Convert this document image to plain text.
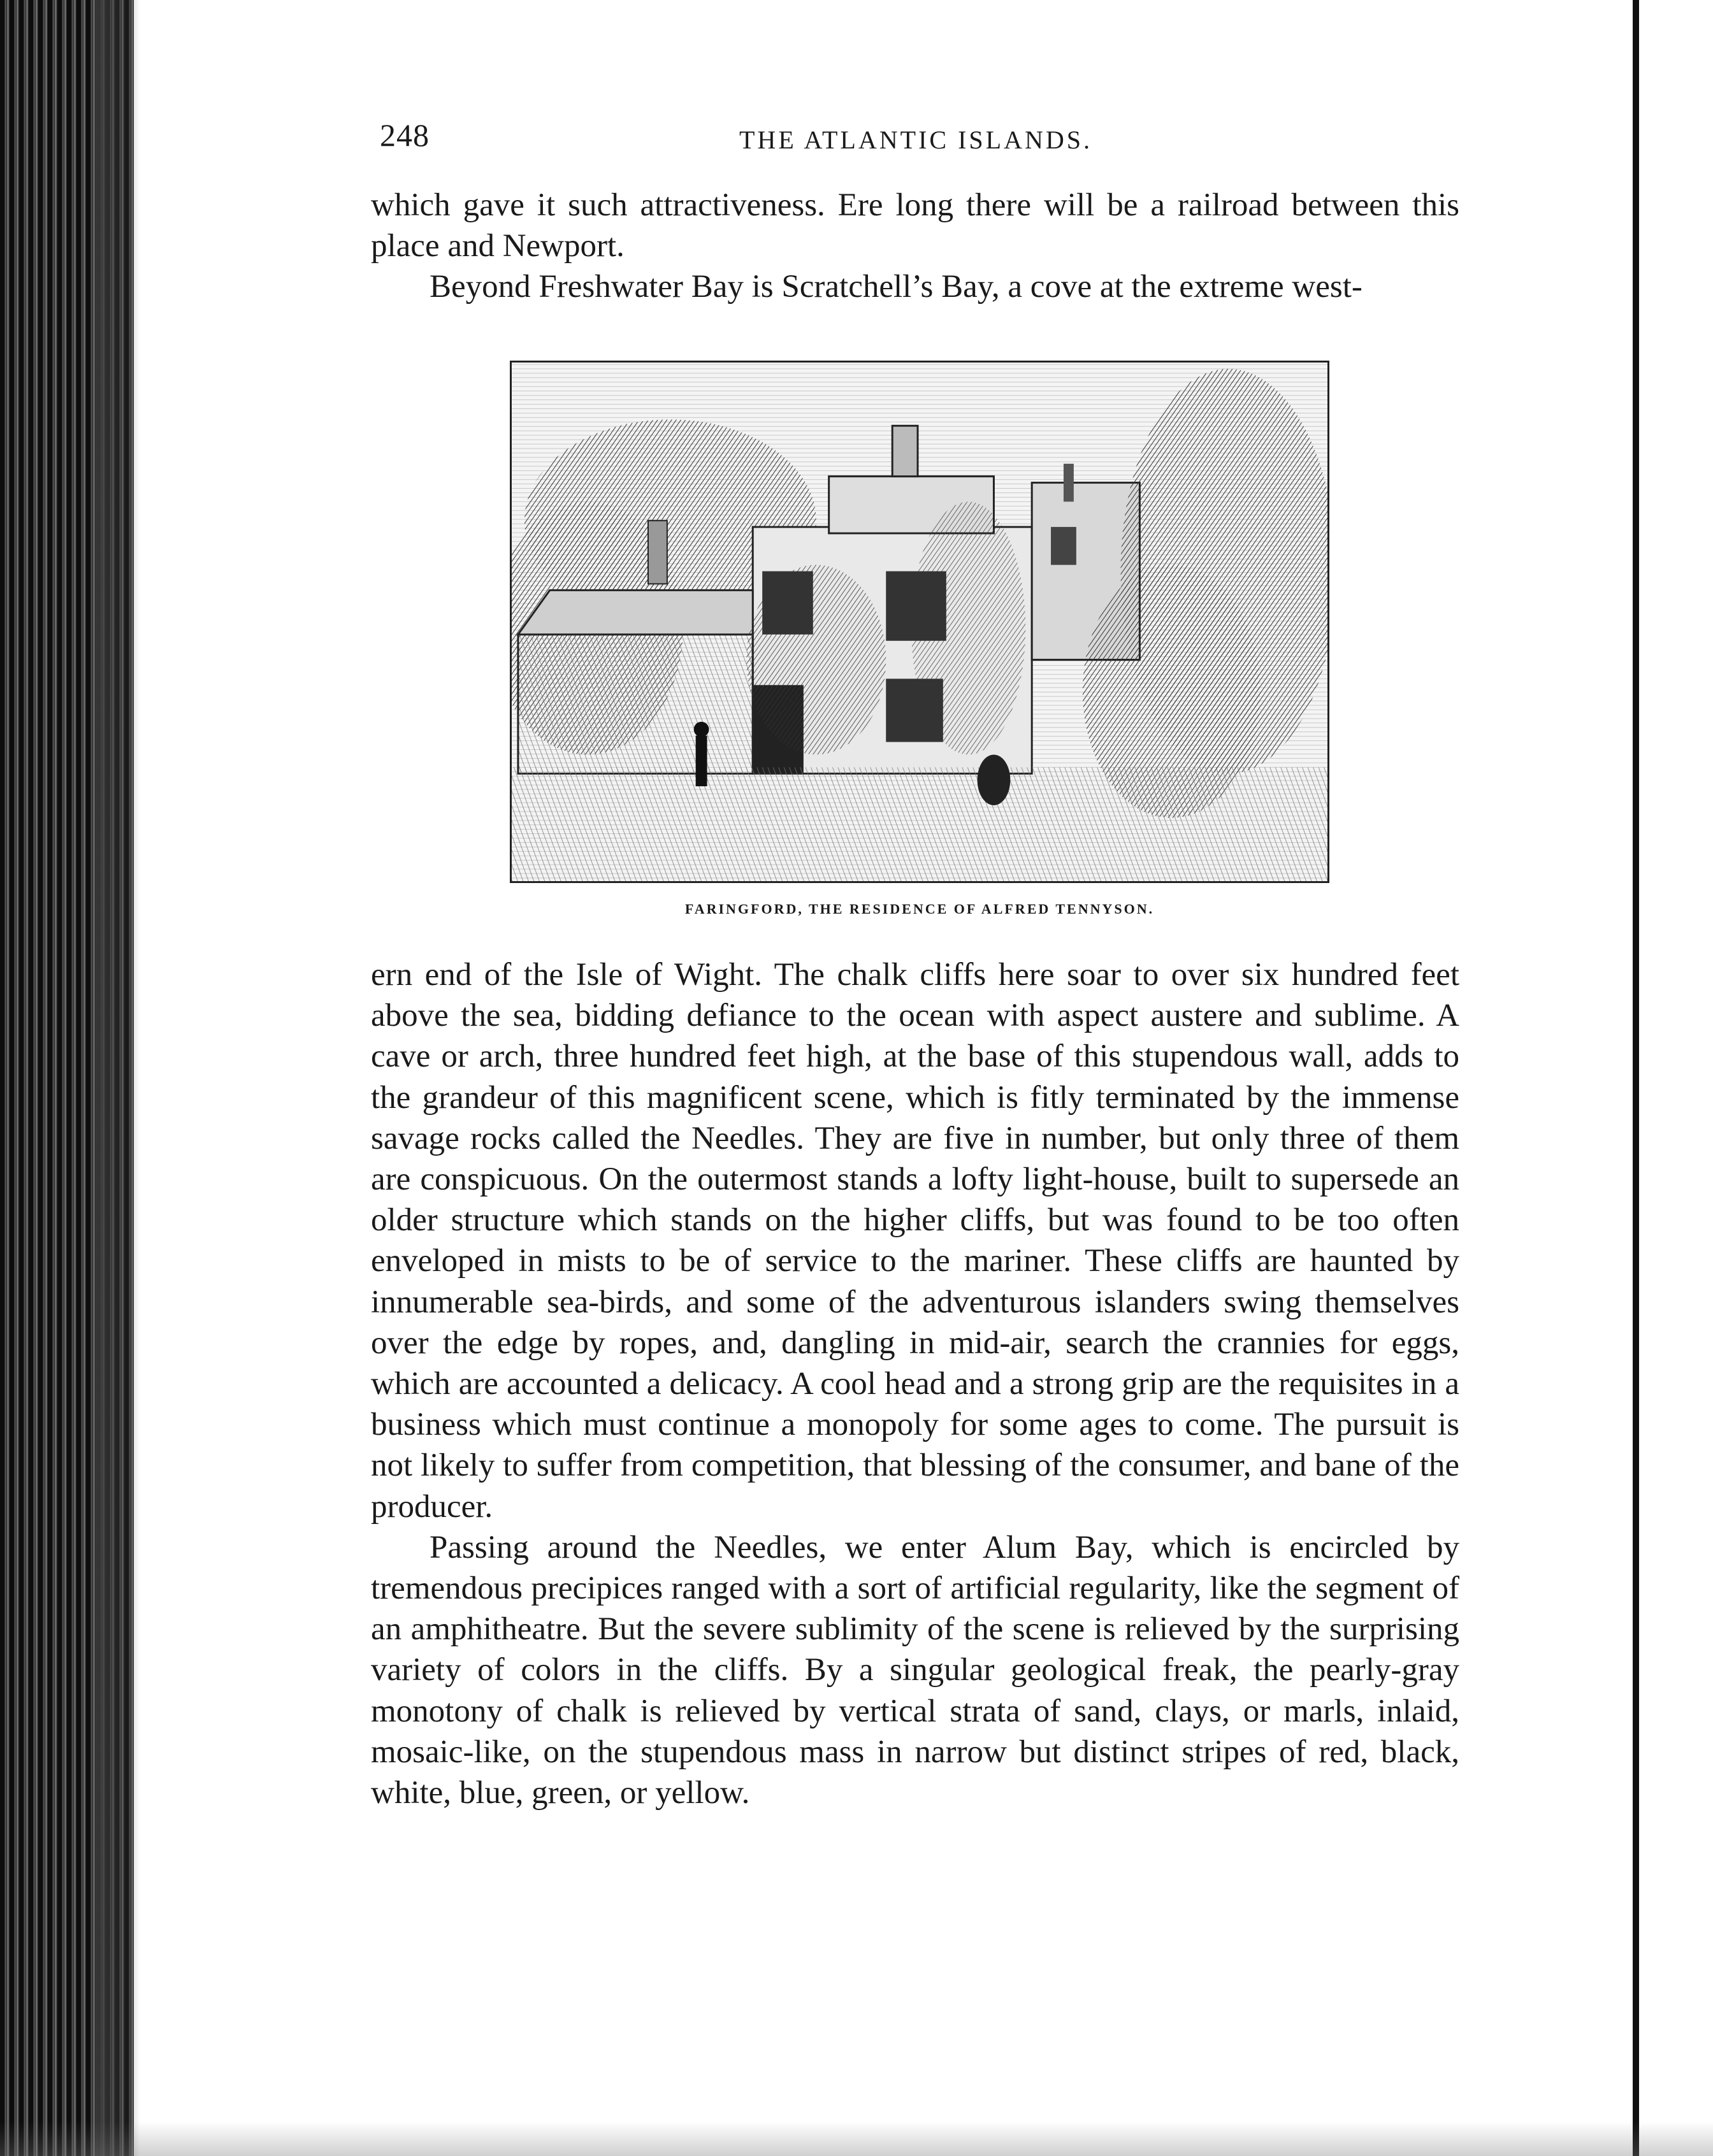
248	THE ATLANTIC ISLANDS.

which gave it such attractiveness. Ere long there will be a railroad between this place and Newport.

Beyond Freshwater Bay is Scratchell’s Bay, a cove at the extreme west-

FARINGFORD, THE RESIDENCE OF ALFRED TENNYSON.

ern end of the Isle of Wight. The chalk cliffs here soar to over six hundred feet above the sea, bidding defiance to the ocean with aspect austere and sublime. A cave or arch, three hundred feet high, at the base of this stupendous wall, adds to the grandeur of this magnificent scene, which is fitly terminated by the immense savage rocks called the Needles. They are five in number, but only three of them are conspicuous. On the outermost stands a lofty light-house, built to supersede an older structure which stands on the higher cliffs, but was found to be too often enveloped in mists to be of service to the mariner. These cliffs are haunted by innumerable sea-birds, and some of the adventurous islanders swing themselves over the edge by ropes, and, dangling in mid-air, search the crannies for eggs, which are accounted a delicacy. A cool head and a strong grip are the requisites in a business which must continue a monopoly for some ages to come. The pursuit is not likely to suffer from competition, that blessing of the consumer, and bane of the producer.

Passing around the Needles, we enter Alum Bay, which is encircled by tremendous precipices ranged with a sort of artificial regularity, like the segment of an amphitheatre. But the severe sublimity of the scene is relieved by the surprising variety of colors in the cliffs. By a singular geological freak, the pearly-gray monotony of chalk is relieved by vertical strata of sand, clays, or marls, inlaid, mosaic-like, on the stupendous mass in narrow but distinct stripes of red, black, white, blue, green, or yellow.
